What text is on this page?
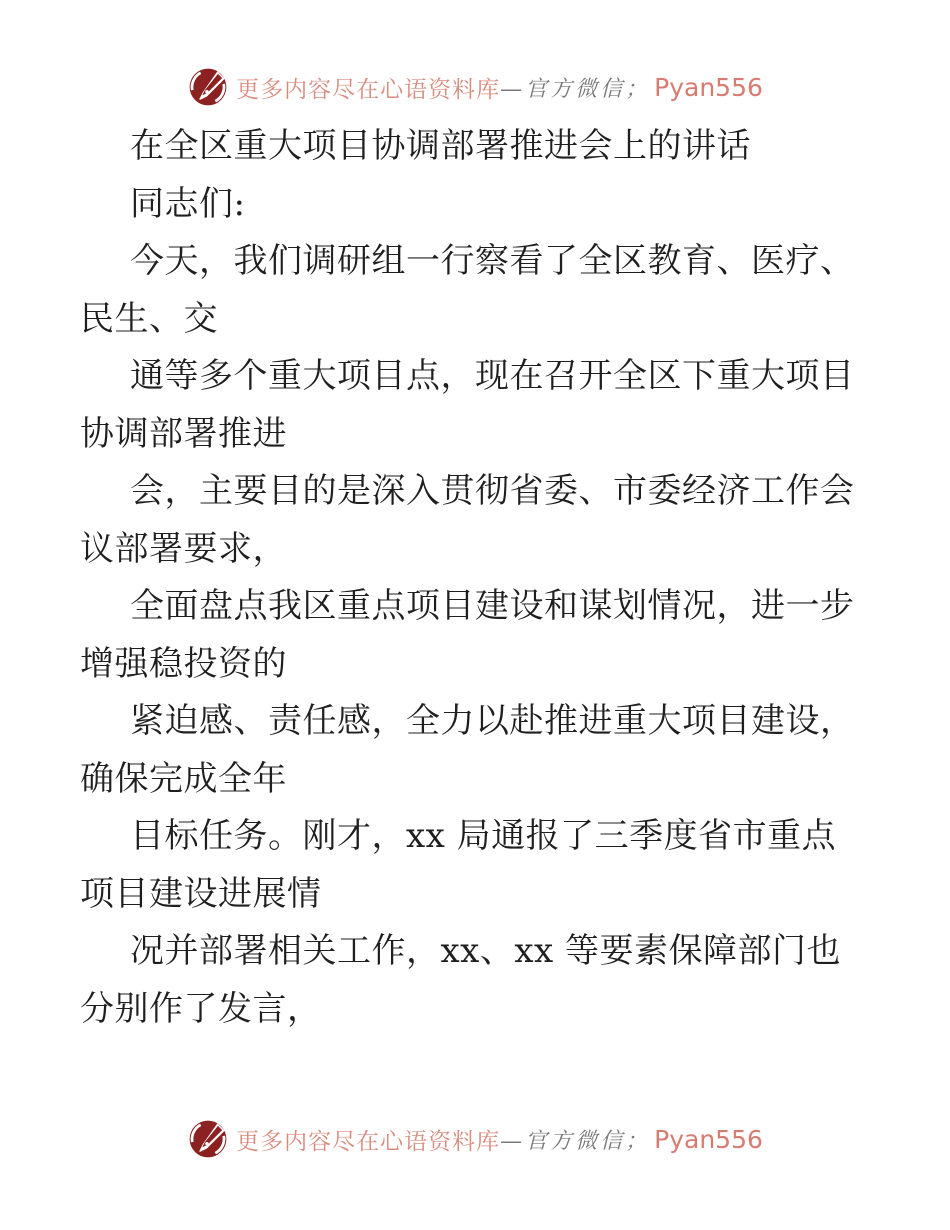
更多内容尽在心语资料库 —官方微信； Pyan556
在全区重大项目协调部署推进会上的讲话
同志们:
今天，我们调研组一行察看了全区教育、医疗、
民生、交
通等多个重大项目点，现在召开全区下重大项目
协调部署推进
会，主要目的是深入贯彻省委、市委经济工作会
议部署要求，
全面盘点我区重点项目建设和谋划情况，进一步
增强稳投资的
紧迫感、责任感，全力以赴推进重大项目建设，
确保完成全年
目标任务。刚才，xx 局通报了三季度省市重点
项目建设进展情
况并部署相关工作，xx、xx 等要素保障部门也
分别作了发言，
更多内容尽在心语资料库 —官方微信； Pyan556
